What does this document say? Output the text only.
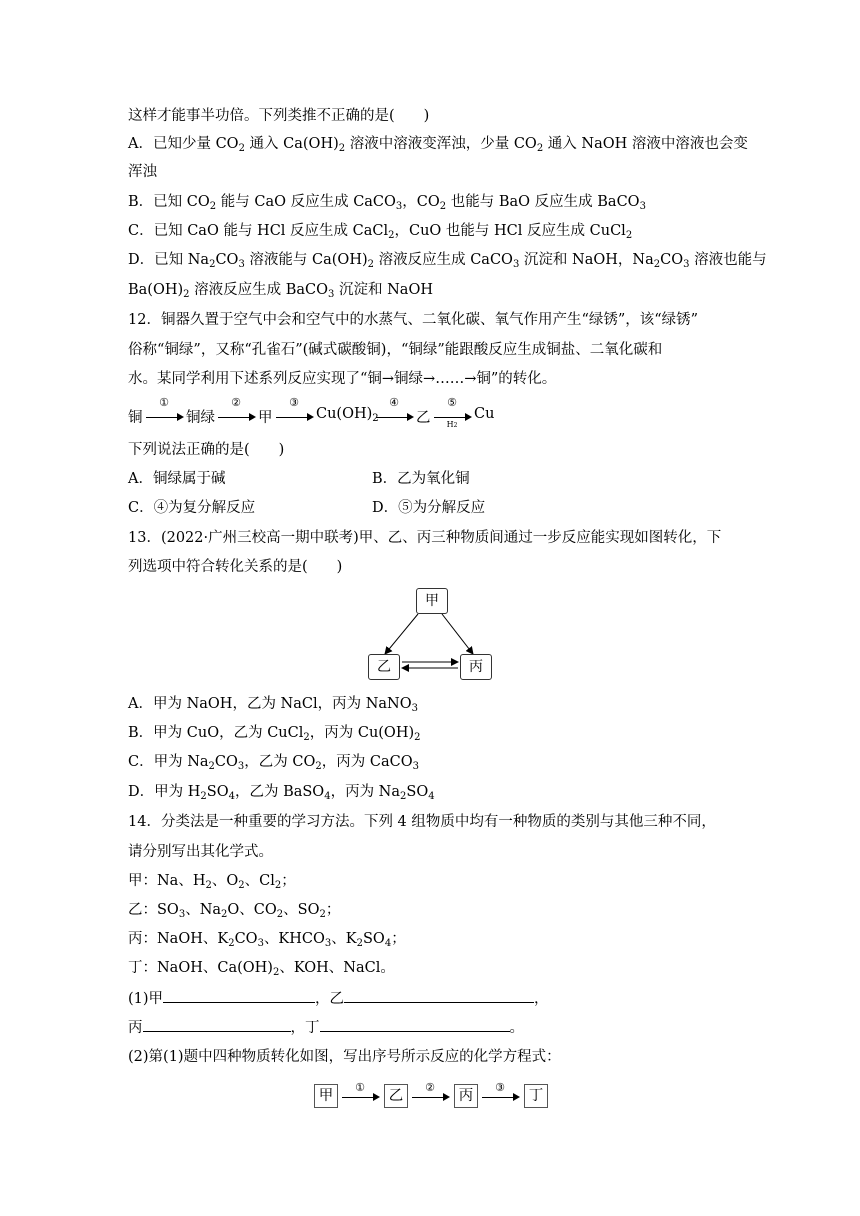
这样才能事半功倍。下列类推不正确的是(　　)
A．已知少量 $CO_2$ 通入 $Ca(OH)_2$ 溶液中溶液变浑浊，少量 $CO_2$ 通入 NaOH 溶液中溶液也会变
浑浊
B．已知 $CO_2$ 能与 CaO 反应生成 CaCO$_3$，$CO_2$ 也能与 BaO 反应生成 BaCO$_3$
C．已知 CaO 能与 HCl 反应生成 CaCl$_2$，CuO 也能与 HCl 反应生成 CuCl$_2$
D．已知 $Na_2CO_3$ 溶液能与 $Ca(OH)_2$ 溶液反应生成 CaCO$_3$ 沉淀和 NaOH，$Na_2CO_3$ 溶液也能与
$Ba(OH)_2$ 溶液反应生成 BaCO$_3$ 沉淀和 NaOH
12．铜器久置于空气中会和空气中的水蒸气、二氧化碳、氧气作用产生“绿锈”，该“绿锈”
俗称“铜绿”，又称“孔雀石”(碱式碳酸铜)，“铜绿”能跟酸反应生成铜盐、二氧化碳和
水。某同学利用下述系列反应实现了“铜→铜绿→……→铜”的转化。
铜
①
铜绿
②
甲
③
$Cu(OH)_2$
④
乙
⑤
H2
Cu
下列说法正确的是(　　)
A．铜绿属于碱	B．乙为氧化铜
C．④为复分解反应	D．⑤为分解反应
13．(2022·广州三校高一期中联考)甲、乙、丙三种物质间通过一步反应能实现如图转化，下
列选项中符合转化关系的是(　　)
甲
乙	丙
A．甲为 NaOH，乙为 NaCl，丙为 NaNO$_3$
B．甲为 CuO，乙为 CuCl$_2$，丙为 $Cu(OH)_2$
C．甲为 $Na_2CO_3$，乙为 $CO_2$，丙为 CaCO$_3$
D．甲为 $H_2SO_4$，乙为 BaSO$_4$，丙为 $Na_2SO_4$
14．分类法是一种重要的学习方法。下列 4 组物质中均有一种物质的类别与其他三种不同，
请分别写出其化学式。
甲：Na、$H_2$、$O_2$、$Cl_2$；
乙：$SO_3$、$Na_2O$、$CO_2$、$SO_2$；
丙：NaOH、$K_2CO_3$、$KHCO_3$、$K_2SO_4$；
丁：NaOH、$Ca(OH)_2$、KOH、NaCl。
(1)甲	，乙	，
丙	，丁	。
(2)第(1)题中四种物质转化如图，写出序号所示反应的化学方程式：
甲
①
乙
②
丙
③
丁
